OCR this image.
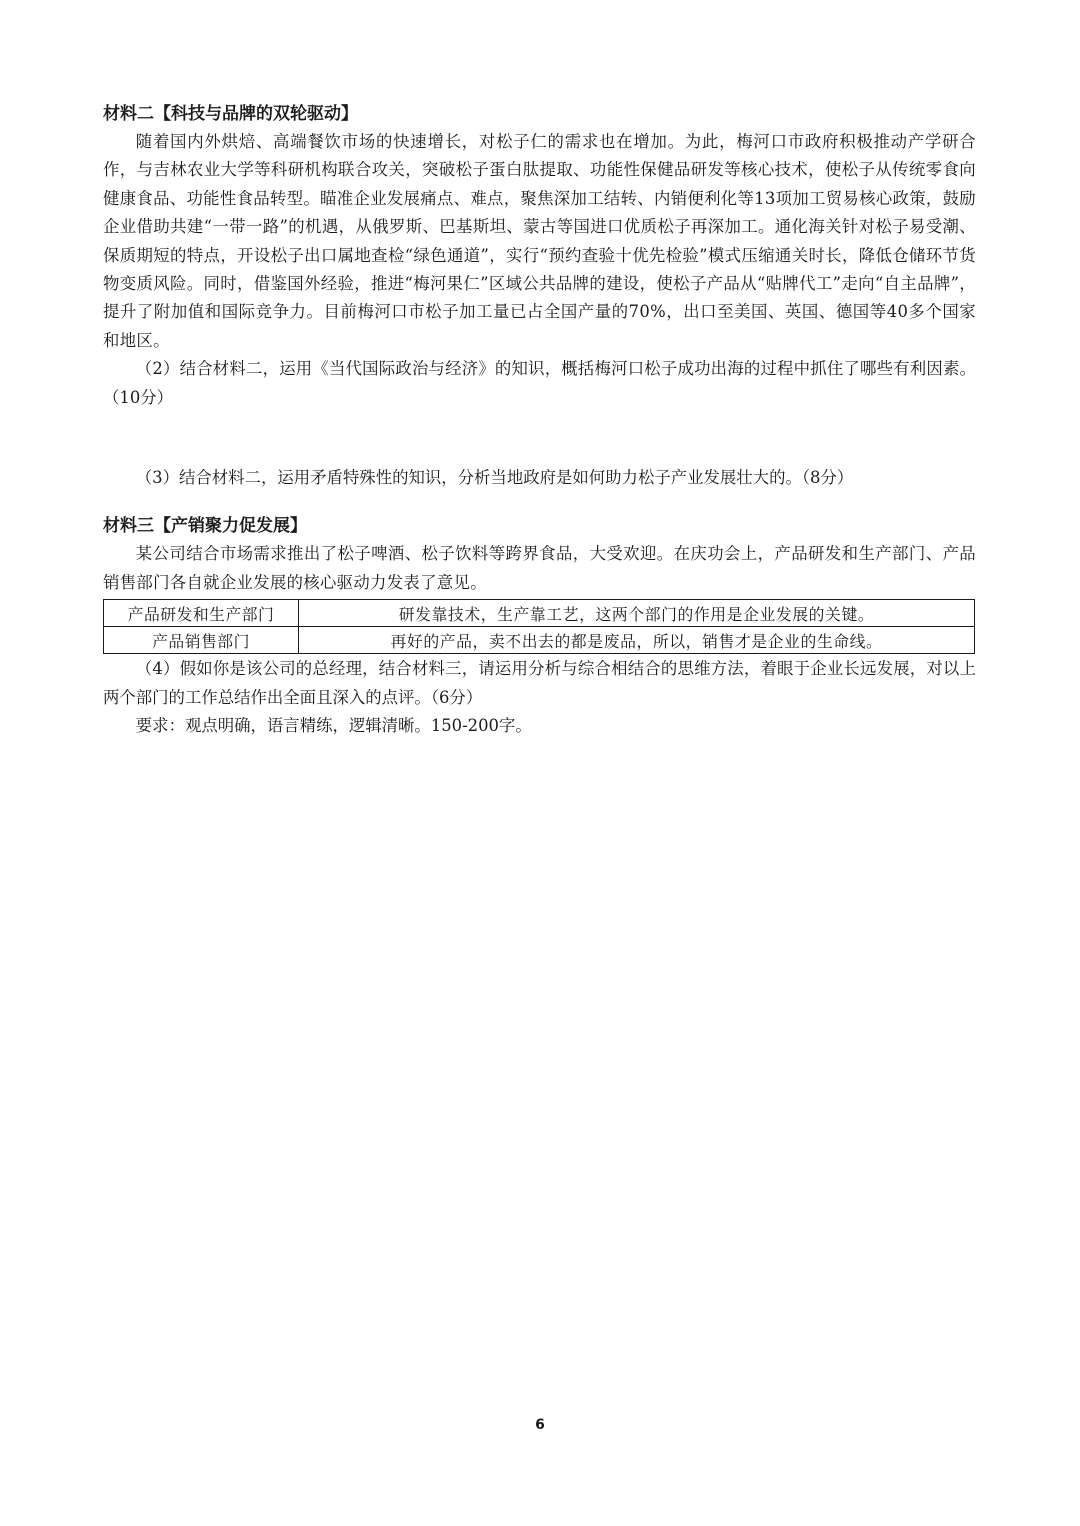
材料二【科技与品牌的双轮驱动】

随着国内外烘焙、高端餐饮市场的快速增长，对松子仁的需求也在增加。为此，梅河口市政府积极推动产学研合作，与吉林农业大学等科研机构联合攻关，突破松子蛋白肽提取、功能性保健品研发等核心技术，使松子从传统零食向健康食品、功能性食品转型。瞄准企业发展痛点、难点，聚焦深加工结转、内销便利化等13项加工贸易核心政策，鼓励企业借助共建“一带一路”的机遇，从俄罗斯、巴基斯坦、蒙古等国进口优质松子再深加工。通化海关针对松子易受潮、保质期短的特点，开设松子出口属地查检“绿色通道”，实行“预约查验十优先检验”模式压缩通关时长，降低仓储环节货物变质风险。同时，借鉴国外经验，推进“梅河果仁”区域公共品牌的建设，使松子产品从“贴牌代工”走向“自主品牌”，提升了附加值和国际竞争力。目前梅河口市松子加工量已占全国产量的70%，出口至美国、英国、德国等40多个国家和地区。

（2）结合材料二，运用《当代国际政治与经济》的知识，概括梅河口松子成功出海的过程中抓住了哪些有利因素。（10分）

（3）结合材料二，运用矛盾特殊性的知识，分析当地政府是如何助力松子产业发展壮大的。（8分）

材料三【产销聚力促发展】

某公司结合市场需求推出了松子啤酒、松子饮料等跨界食品，大受欢迎。在庆功会上，产品研发和生产部门、产品销售部门各自就企业发展的核心驱动力发表了意见。

产品研发和生产部门	研发靠技术，生产靠工艺，这两个部门的作用是企业发展的关键。
产品销售部门	再好的产品，卖不出去的都是废品，所以，销售才是企业的生命线。

（4）假如你是该公司的总经理，结合材料三，请运用分析与综合相结合的思维方法，着眼于企业长远发展，对以上两个部门的工作总结作出全面且深入的点评。（6分）

要求：观点明确，语言精练，逻辑清晰。150-200字。

6
